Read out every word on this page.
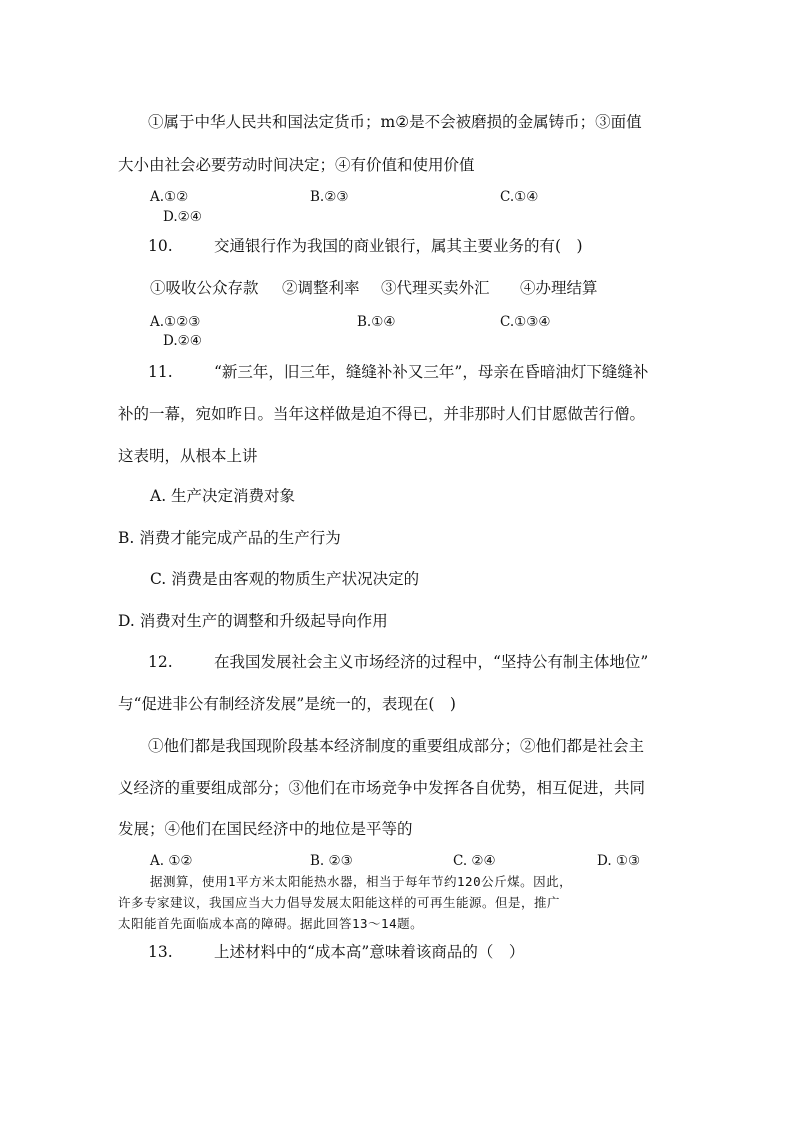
①属于中华人民共和国法定货币；m②是不会被磨损的金属铸币；③面值
大小由社会必要劳动时间决定；④有价值和使用价值
A.①②	B.②③	C.①④
D.②④
10.	交通银行作为我国的商业银行，属其主要业务的有(　)
①吸收公众存款 ②调整利率 ③代理买卖外汇 ④办理结算
A.①②③	B.①④	C.①③④
D.②④
11.	“新三年，旧三年，缝缝补补又三年”，母亲在昏暗油灯下缝缝补
补的一幕，宛如昨日。当年这样做是迫不得已，并非那时人们甘愿做苦行僧。
这表明，从根本上讲
A. 生产决定消费对象
B. 消费才能完成产品的生产行为
C. 消费是由客观的物质生产状况决定的
D. 消费对生产的调整和升级起导向作用
12.	在我国发展社会主义市场经济的过程中，“坚持公有制主体地位”
与“促进非公有制经济发展”是统一的，表现在(　)
①他们都是我国现阶段基本经济制度的重要组成部分；②他们都是社会主
义经济的重要组成部分；③他们在市场竞争中发挥各自优势，相互促进，共同
发展；④他们在国民经济中的地位是平等的
A. ①②	B. ②③	C. ②④	D. ①③
据测算，使用1平方米太阳能热水器，相当于每年节约120公斤煤。因此，
许多专家建议，我国应当大力倡导发展太阳能这样的可再生能源。但是，推广
太阳能首先面临成本高的障碍。据此回答13～14题。
13.	上述材料中的“成本高”意味着该商品的（　）
